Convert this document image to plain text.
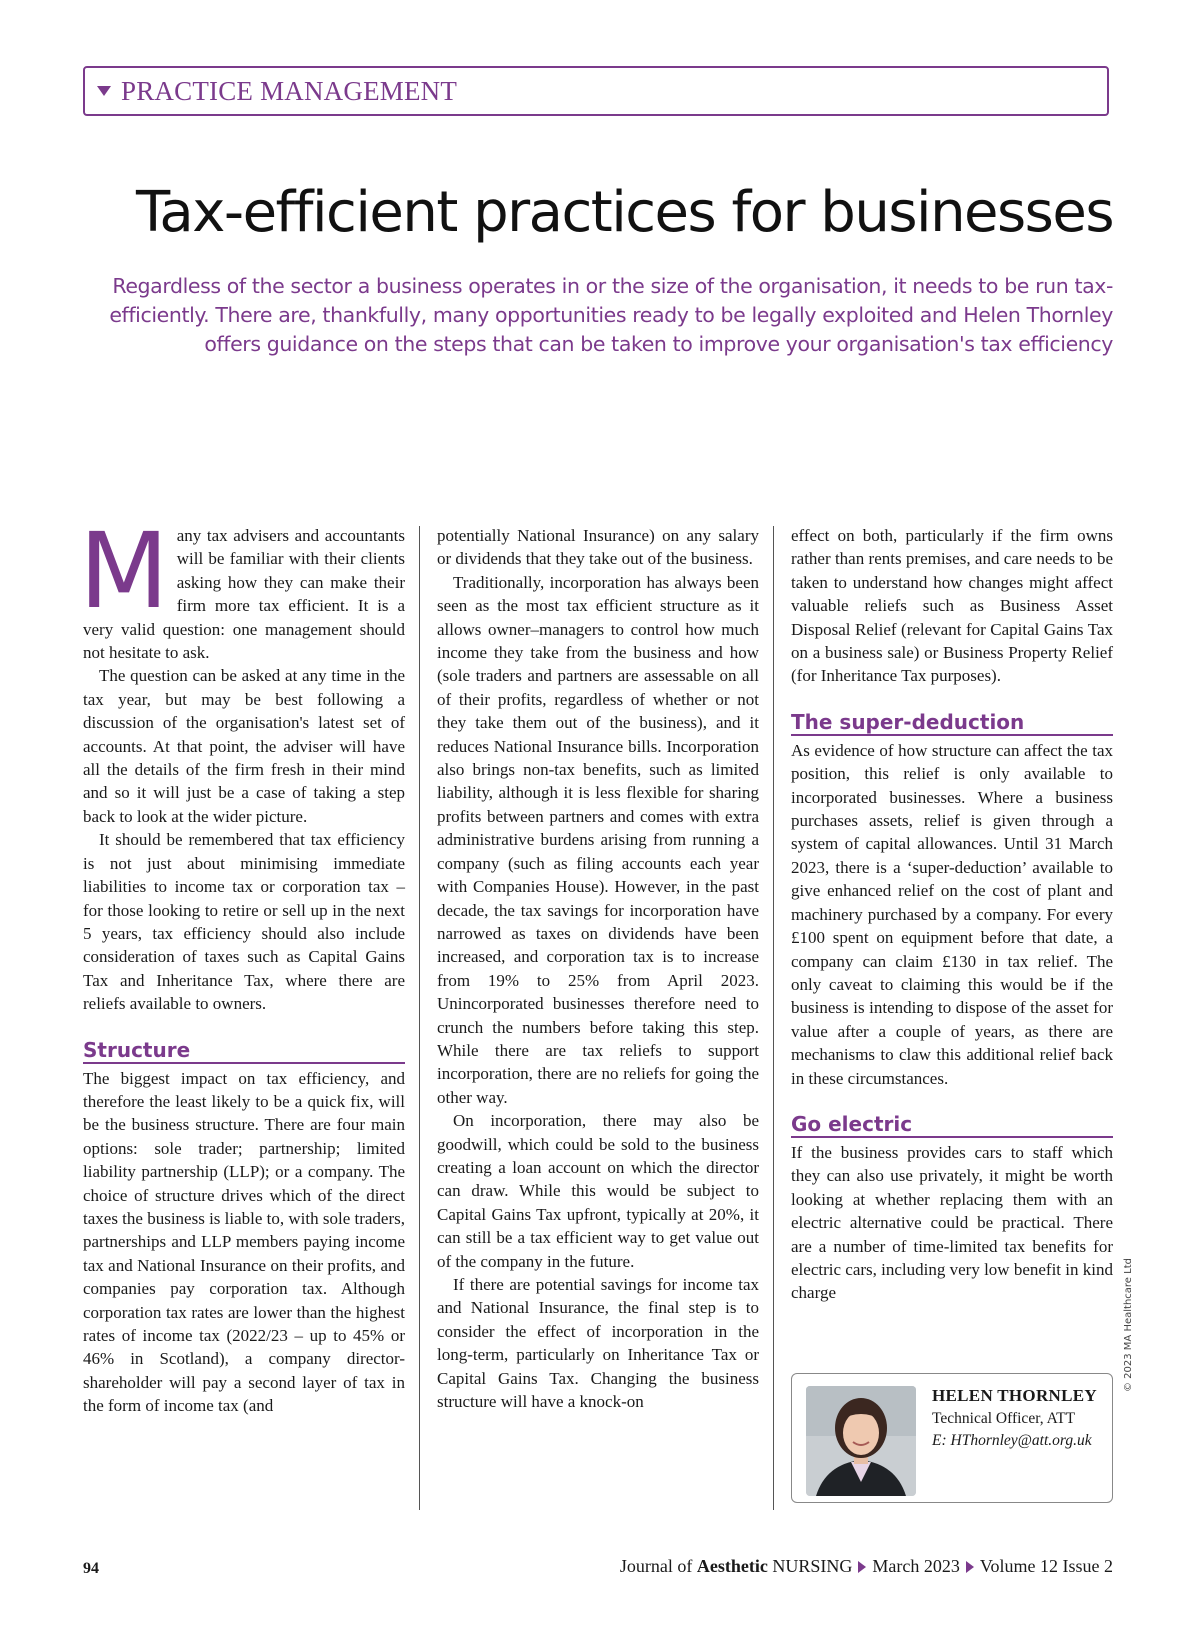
PRACTICE MANAGEMENT
Tax-efficient practices for businesses

Regardless of the sector a business operates in or the size of the organisation, it needs to be run tax-efficiently. There are, thankfully, many opportunities ready to be legally exploited and Helen Thornley offers guidance on the steps that can be taken to improve your organisation's tax efficiency

Many tax advisers and accountants will be familiar with their clients asking how they can make their firm more tax efficient. It is a very valid question: one management should not hesitate to ask.

The question can be asked at any time in the tax year, but may be best following a discussion of the organisation's latest set of accounts. At that point, the adviser will have all the details of the firm fresh in their mind and so it will just be a case of taking a step back to look at the wider picture.

It should be remembered that tax efficiency is not just about minimising immediate liabilities to income tax or corporation tax – for those looking to retire or sell up in the next 5 years, tax efficiency should also include consideration of taxes such as Capital Gains Tax and Inheritance Tax, where there are reliefs available to owners.

Structure

The biggest impact on tax efficiency, and therefore the least likely to be a quick fix, will be the business structure. There are four main options: sole trader; partnership; limited liability partnership (LLP); or a company. The choice of structure drives which of the direct taxes the business is liable to, with sole traders, partnerships and LLP members paying income tax and National Insurance on their profits, and companies pay corporation tax. Although corporation tax rates are lower than the highest rates of income tax (2022/23 – up to 45% or 46% in Scotland), a company director-shareholder will pay a second layer of tax in the form of income tax (and

potentially National Insurance) on any salary or dividends that they take out of the business.

Traditionally, incorporation has always been seen as the most tax efficient structure as it allows owner–managers to control how much income they take from the business and how (sole traders and partners are assessable on all of their profits, regardless of whether or not they take them out of the business), and it reduces National Insurance bills. Incorporation also brings non-tax benefits, such as limited liability, although it is less flexible for sharing profits between partners and comes with extra administrative burdens arising from running a company (such as filing accounts each year with Companies House). However, in the past decade, the tax savings for incorporation have narrowed as taxes on dividends have been increased, and corporation tax is to increase from 19% to 25% from April 2023. Unincorporated businesses therefore need to crunch the numbers before taking this step. While there are tax reliefs to support incorporation, there are no reliefs for going the other way.

On incorporation, there may also be goodwill, which could be sold to the business creating a loan account on which the director can draw. While this would be subject to Capital Gains Tax upfront, typically at 20%, it can still be a tax efficient way to get value out of the company in the future.

If there are potential savings for income tax and National Insurance, the final step is to consider the effect of incorporation in the long-term, particularly on Inheritance Tax or Capital Gains Tax. Changing the business structure will have a knock-on

effect on both, particularly if the firm owns rather than rents premises, and care needs to be taken to understand how changes might affect valuable reliefs such as Business Asset Disposal Relief (relevant for Capital Gains Tax on a business sale) or Business Property Relief (for Inheritance Tax purposes).

The super-deduction

As evidence of how structure can affect the tax position, this relief is only available to incorporated businesses. Where a business purchases assets, relief is given through a system of capital allowances. Until 31 March 2023, there is a ‘super-deduction’ available to give enhanced relief on the cost of plant and machinery purchased by a company. For every £100 spent on equipment before that date, a company can claim £130 in tax relief. The only caveat to claiming this would be if the business is intending to dispose of the asset for value after a couple of years, as there are mechanisms to claw this additional relief back in these circumstances.

Go electric

If the business provides cars to staff which they can also use privately, it might be worth looking at whether replacing them with an electric alternative could be practical. There are a number of time-limited tax benefits for electric cars, including very low benefit in kind charge

HELEN THORNLEY
Technical Officer, ATT
E: HThornley@att.org.uk
© 2023 MA Healthcare Ltd
94	Journal of Aesthetic NURSING March 2023 Volume 12 Issue 2
